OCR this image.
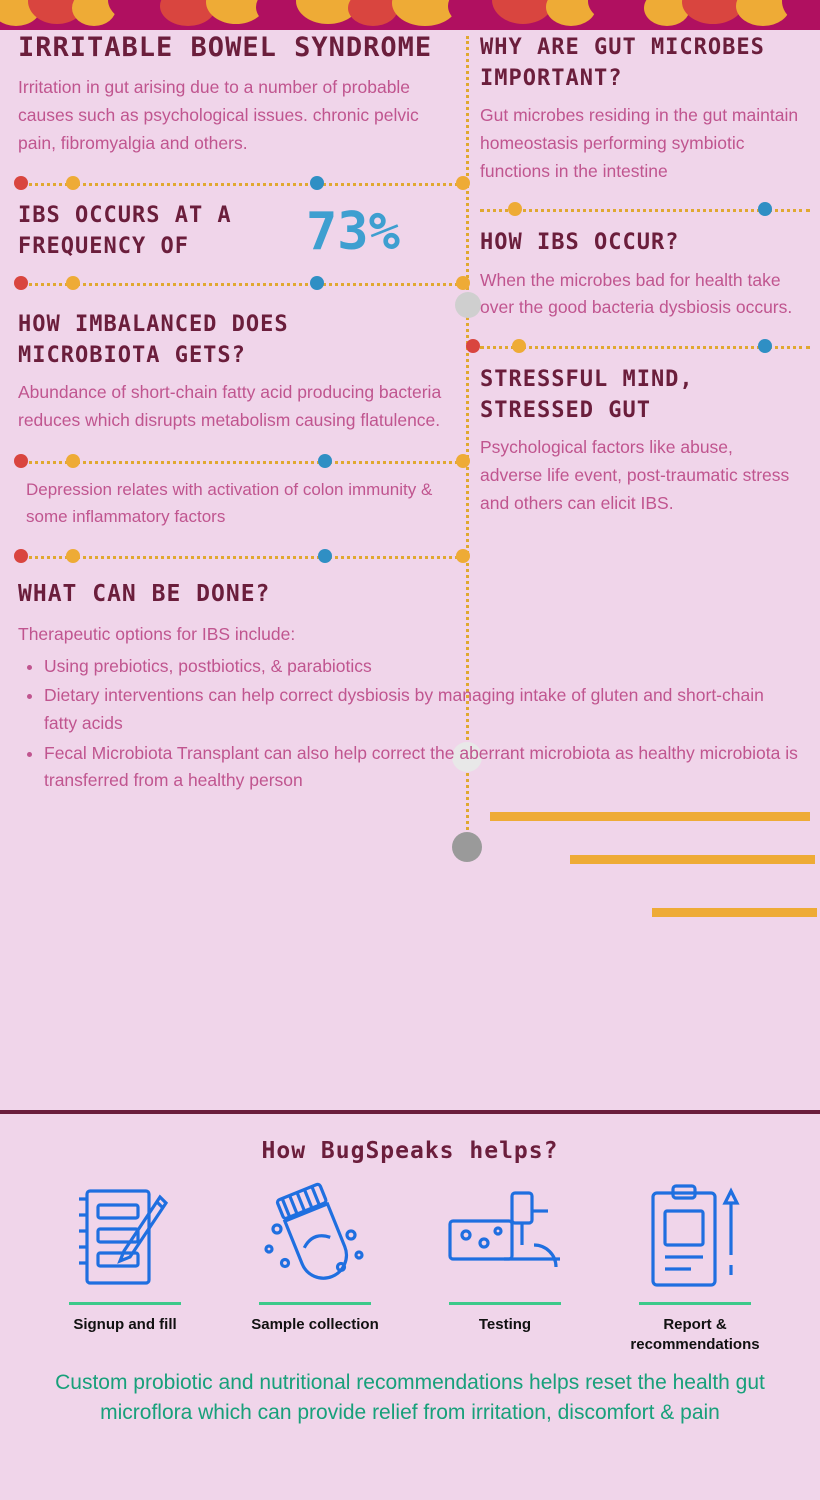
IRRITABLE BOWEL SYNDROME

Irritation in gut arising due to a number of probable causes such as psychological issues. chronic pelvic pain, fibromyalgia and others.

IBS OCCURS AT A FREQUENCY OF	73%
HOW IMBALANCED DOES MICROBIOTA GETS?

Abundance of short-chain fatty acid producing bacteria reduces which disrupts metabolism causing flatulence.

Depression relates with activation of colon immunity & some inflammatory factors

WHAT CAN BE DONE?

Therapeutic options for IBS include:

• Using prebiotics, postbiotics, & parabiotics
• Dietary interventions can help correct dysbiosis by managing intake of gluten and short-chain fatty acids
• Fecal Microbiota Transplant can also help correct the aberrant microbiota as healthy microbiota is transferred from a healthy person
WHY ARE GUT MICROBES IMPORTANT?

Gut microbes residing in the gut maintain homeostasis performing symbiotic functions in the intestine

HOW IBS OCCUR?

When the microbes bad for health take over the good bacteria dysbiosis occurs.

STRESSFUL MIND,
STRESSED GUT

Psychological factors like abuse, adverse life event, post-traumatic stress and others can elicit IBS.

How BugSpeaks helps?
Signup and fill	Sample collection	Testing	Report & recommendations
Custom probiotic and nutritional recommendations helps reset the health gut microflora which can provide relief from irritation, discomfort & pain
